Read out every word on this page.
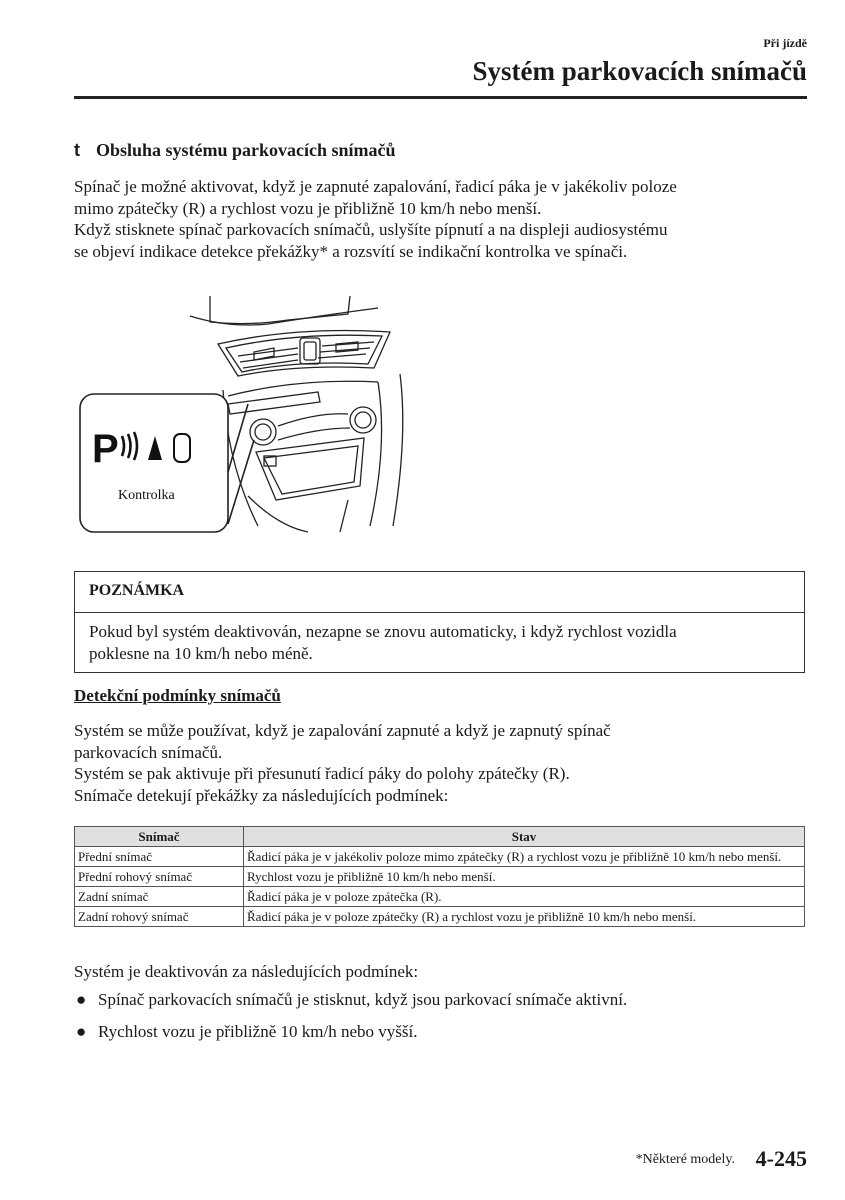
Při jízdě
Systém parkovacích snímačů
t Obsluha systému parkovacích snímačů

Spínač je možné aktivovat, když je zapnuté zapalování, řadicí páka je v jakékoliv poloze

mimo zpátečky (R) a rychlost vozu je přibližně 10 km/h nebo menší.

Když stisknete spínač parkovacích snímačů, uslyšíte pípnutí a na displeji audiosystému

se objeví indikace detekce překážky* a rozsvítí se indikační kontrolka ve spínači.

P
Kontrolka
POZNÁMKA
Pokud byl systém deaktivován, nezapne se znovu automaticky, i když rychlost vozidla
poklesne na 10 km/h nebo méně.
Detekční podmínky snímačů

Systém se může používat, když je zapalování zapnuté a když je zapnutý spínač

parkovacích snímačů.

Systém se pak aktivuje při přesunutí řadicí páky do polohy zpátečky (R).

Snímače detekují překážky za následujících podmínek:

Snímač	Stav
Přední snímač	Řadicí páka je v jakékoliv poloze mimo zpátečky (R) a rychlost vozu je přibližně 10 km/h nebo menší.
Přední rohový snímač	Rychlost vozu je přibližně 10 km/h nebo menší.
Zadní snímač	Řadicí páka je v poloze zpátečka (R).
Zadní rohový snímač	Řadicí páka je v poloze zpátečky (R) a rychlost vozu je přibližně 10 km/h nebo menší.
Systém je deaktivován za následujících podmínek:
● Spínač parkovacích snímačů je stisknut, když jsou parkovací snímače aktivní.
● Rychlost vozu je přibližně 10 km/h nebo vyšší.
*Některé modely. 4-245
